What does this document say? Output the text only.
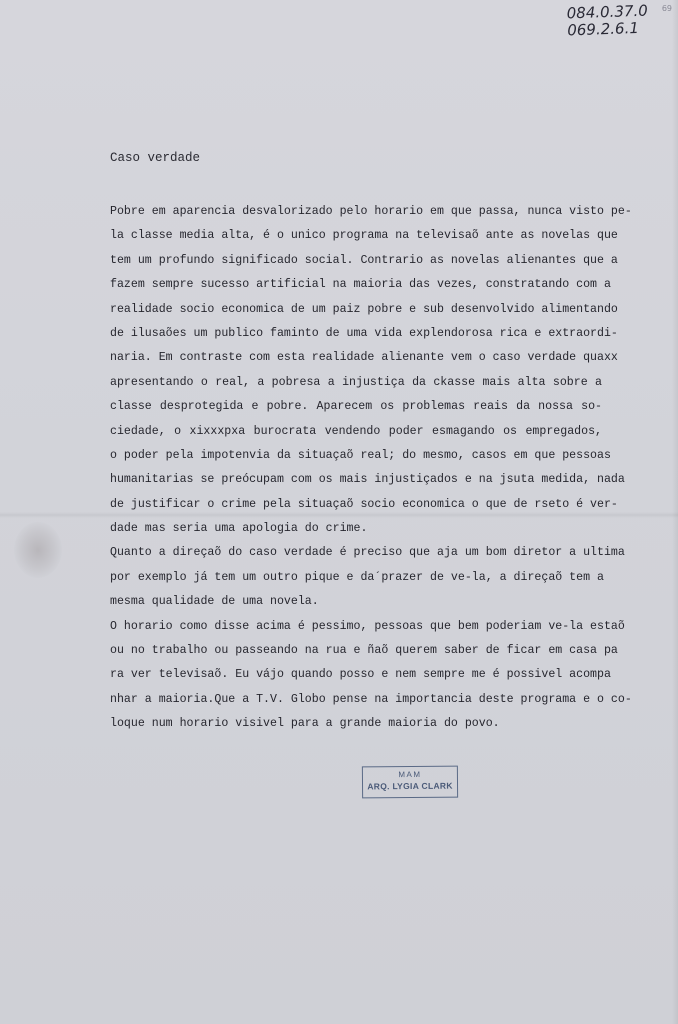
69
084.0.37.0
069.2.6.1
Caso verdade
Pobre em aparencia desvalorizado pelo horario em que passa, nunca visto pe-
la classe media alta, é o unico programa na televisaõ ante as novelas que
tem um profundo significado social. Contrario as novelas alienantes que a
fazem sempre sucesso artificial na maioria das vezes, constratando com a
realidade socio economica de um paiz pobre e sub desenvolvido alimentando
de ilusaões um publico faminto de uma vida explendorosa rica e extraordi-
naria. Em contraste com esta realidade alienante vem o caso verdade quaxx
apresentando o real, a pobresa a injustiça da ckasse mais alta sobre a
classe desprotegida e pobre. Aparecem os problemas reais da nossa so-
ciedade, o xixxxpxa burocrata vendendo poder esmagando os empregados,
o poder pela impotenvia da situaçaõ real; do mesmo, casos em que pessoas
humanitarias se preócupam com os mais injustiçados e na jsuta medida, nada
de justificar o crime pela situaçaõ socio economica o que de rseto é ver-
dade mas seria uma apologia do crime.
Quanto a direçaõ do caso verdade é preciso que aja um bom diretor a ultima
por exemplo já tem um outro pique e da´prazer de ve-la, a direçaõ tem a
mesma qualidade de uma novela.
O horario como disse acima é pessimo, pessoas que bem poderiam ve-la estaõ
ou no trabalho ou passeando na rua e ñaõ querem saber de ficar em casa pa
ra ver televisaõ. Eu vájo quando posso e nem sempre me é possivel acompa
nhar a maioria.Que a T.V. Globo pense na importancia deste programa e o co-
loque num horario visivel para a grande maioria do povo.
MAM
ARQ. LYGIA CLARK
